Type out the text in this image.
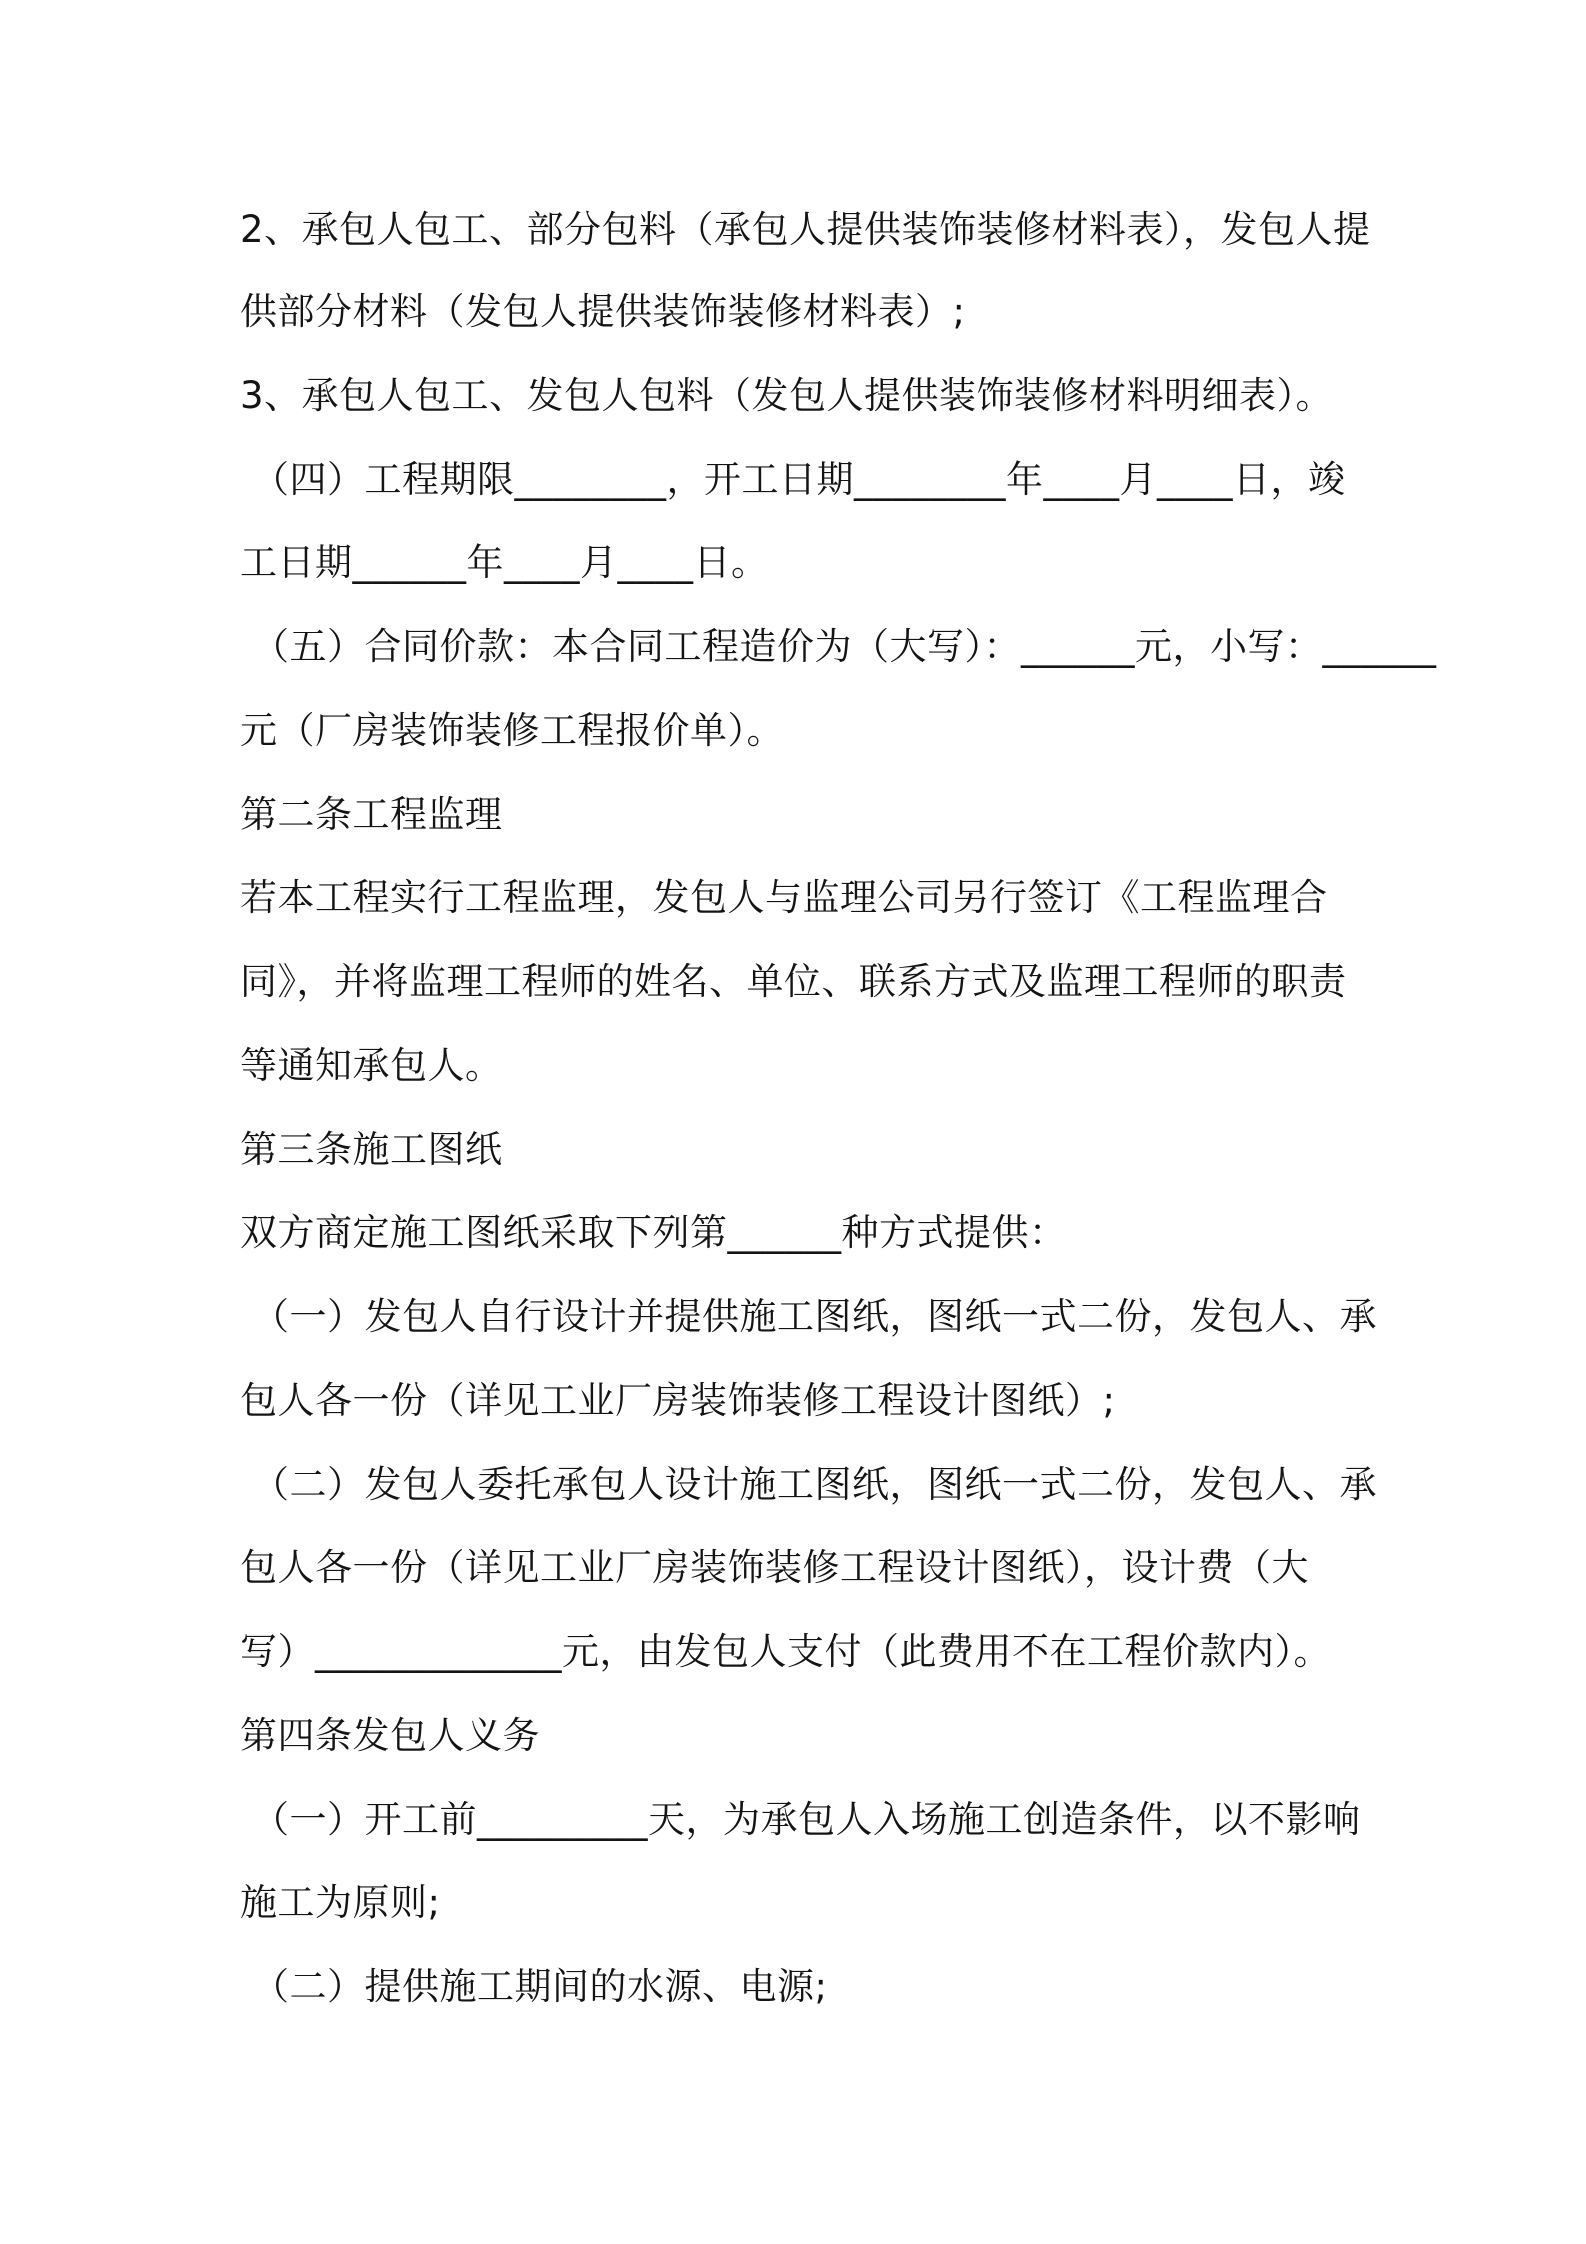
2、承包人包工、部分包料（承包人提供装饰装修材料表），发包人提
供部分材料（发包人提供装饰装修材料表）;
3、承包人包工、发包人包料（发包人提供装饰装修材料明细表）。
（四）工程期限________，开工日期________年____月____日，竣
工日期______年____月____日。
（五）合同价款：本合同工程造价为（大写）：______元，小写：______
元（厂房装饰装修工程报价单）。
第二条工程监理
若本工程实行工程监理，发包人与监理公司另行签订《工程监理合
同》，并将监理工程师的姓名、单位、联系方式及监理工程师的职责
等通知承包人。
第三条施工图纸
双方商定施工图纸采取下列第______种方式提供：
（一）发包人自行设计并提供施工图纸，图纸一式二份，发包人、承
包人各一份（详见工业厂房装饰装修工程设计图纸）;
（二）发包人委托承包人设计施工图纸，图纸一式二份，发包人、承
包人各一份（详见工业厂房装饰装修工程设计图纸），设计费（大
写）_____________元，由发包人支付（此费用不在工程价款内）。
第四条发包人义务
（一）开工前_________天，为承包人入场施工创造条件，以不影响
施工为原则;
（二）提供施工期间的水源、电源;
